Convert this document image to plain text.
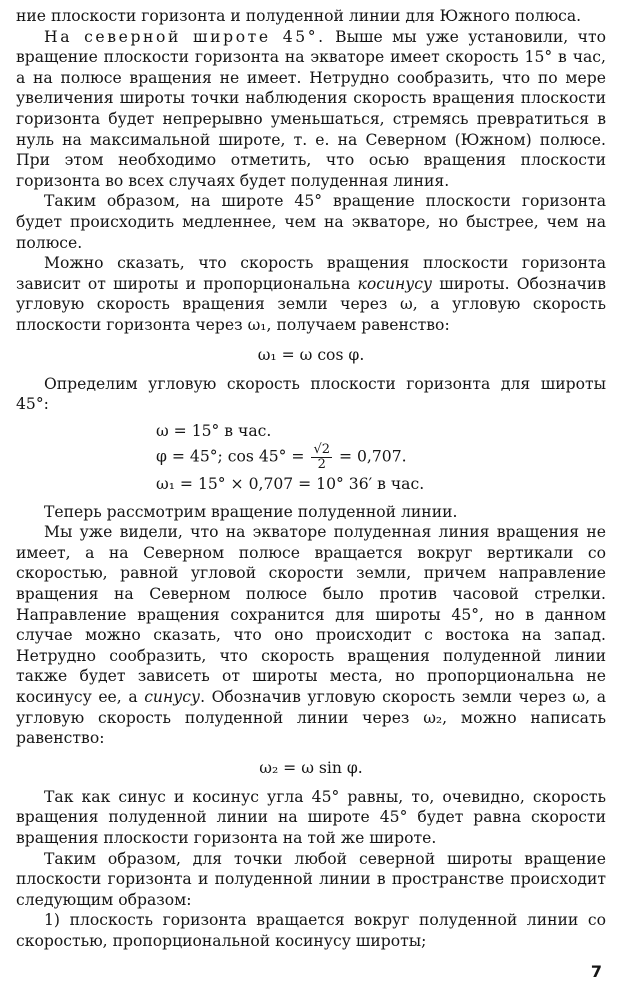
ние плоскости горизонта и полуденной линии для Южного полюса.

На северной широте 45°. Выше мы уже установили, что вращение плоскости горизонта на экваторе имеет скорость 15° в час, а на полюсе вращения не имеет. Нетрудно сообразить, что по мере увеличения широты точки наблюдения скорость вращения плоскости горизонта будет непрерывно уменьшаться, стремясь превратиться в нуль на максимальной широте, т. е. на Северном (Южном) полюсе. При этом необходимо отметить, что осью вращения плоскости горизонта во всех случаях будет полуденная линия.

Таким образом, на широте 45° вращение плоскости горизонта будет происходить медленнее, чем на экваторе, но быстрее, чем на полюсе.

Можно сказать, что скорость вращения плоскости горизонта зависит от широты и пропорциональна косинусу широты. Обозначив угловую скорость вращения земли через ω, а угловую скорость плоскости горизонта через ω₁, получаем равенство:

ω₁ = ω cos φ.

Определим угловую скорость плоскости горизонта для широты 45°:

ω = 15° в час.

φ = 45°; $\cos 45^\circ = \frac{√2}{2} = 0,707$.

ω₁ = 15° × 0,707 = 10° 36′ в час.

Теперь рассмотрим вращение полуденной линии.

Мы уже видели, что на экваторе полуденная линия вращения не имеет, а на Северном полюсе вращается вокруг вертикали со скоростью, равной угловой скорости земли, причем направление вращения на Северном полюсе было против часовой стрелки. Направление вращения сохранится для широты 45°, но в данном случае можно сказать, что оно происходит с востока на запад. Нетрудно сообразить, что скорость вращения полуденной линии также будет зависеть от широты места, но пропорциональна не косинусу ее, а синусу. Обозначив угловую скорость земли через ω, а угловую скорость полуденной линии через ω₂, можно написать равенство:

ω₂ = ω sin φ.

Так как синус и косинус угла 45° равны, то, очевидно, скорость вращения полуденной линии на широте 45° будет равна скорости вращения плоскости горизонта на той же широте.

Таким образом, для точки любой северной широты вращение плоскости горизонта и полуденной линии в пространстве происходит следующим образом:

1) плоскость горизонта вращается вокруг полуденной линии со скоростью, пропорциональной косинусу широты;

7
